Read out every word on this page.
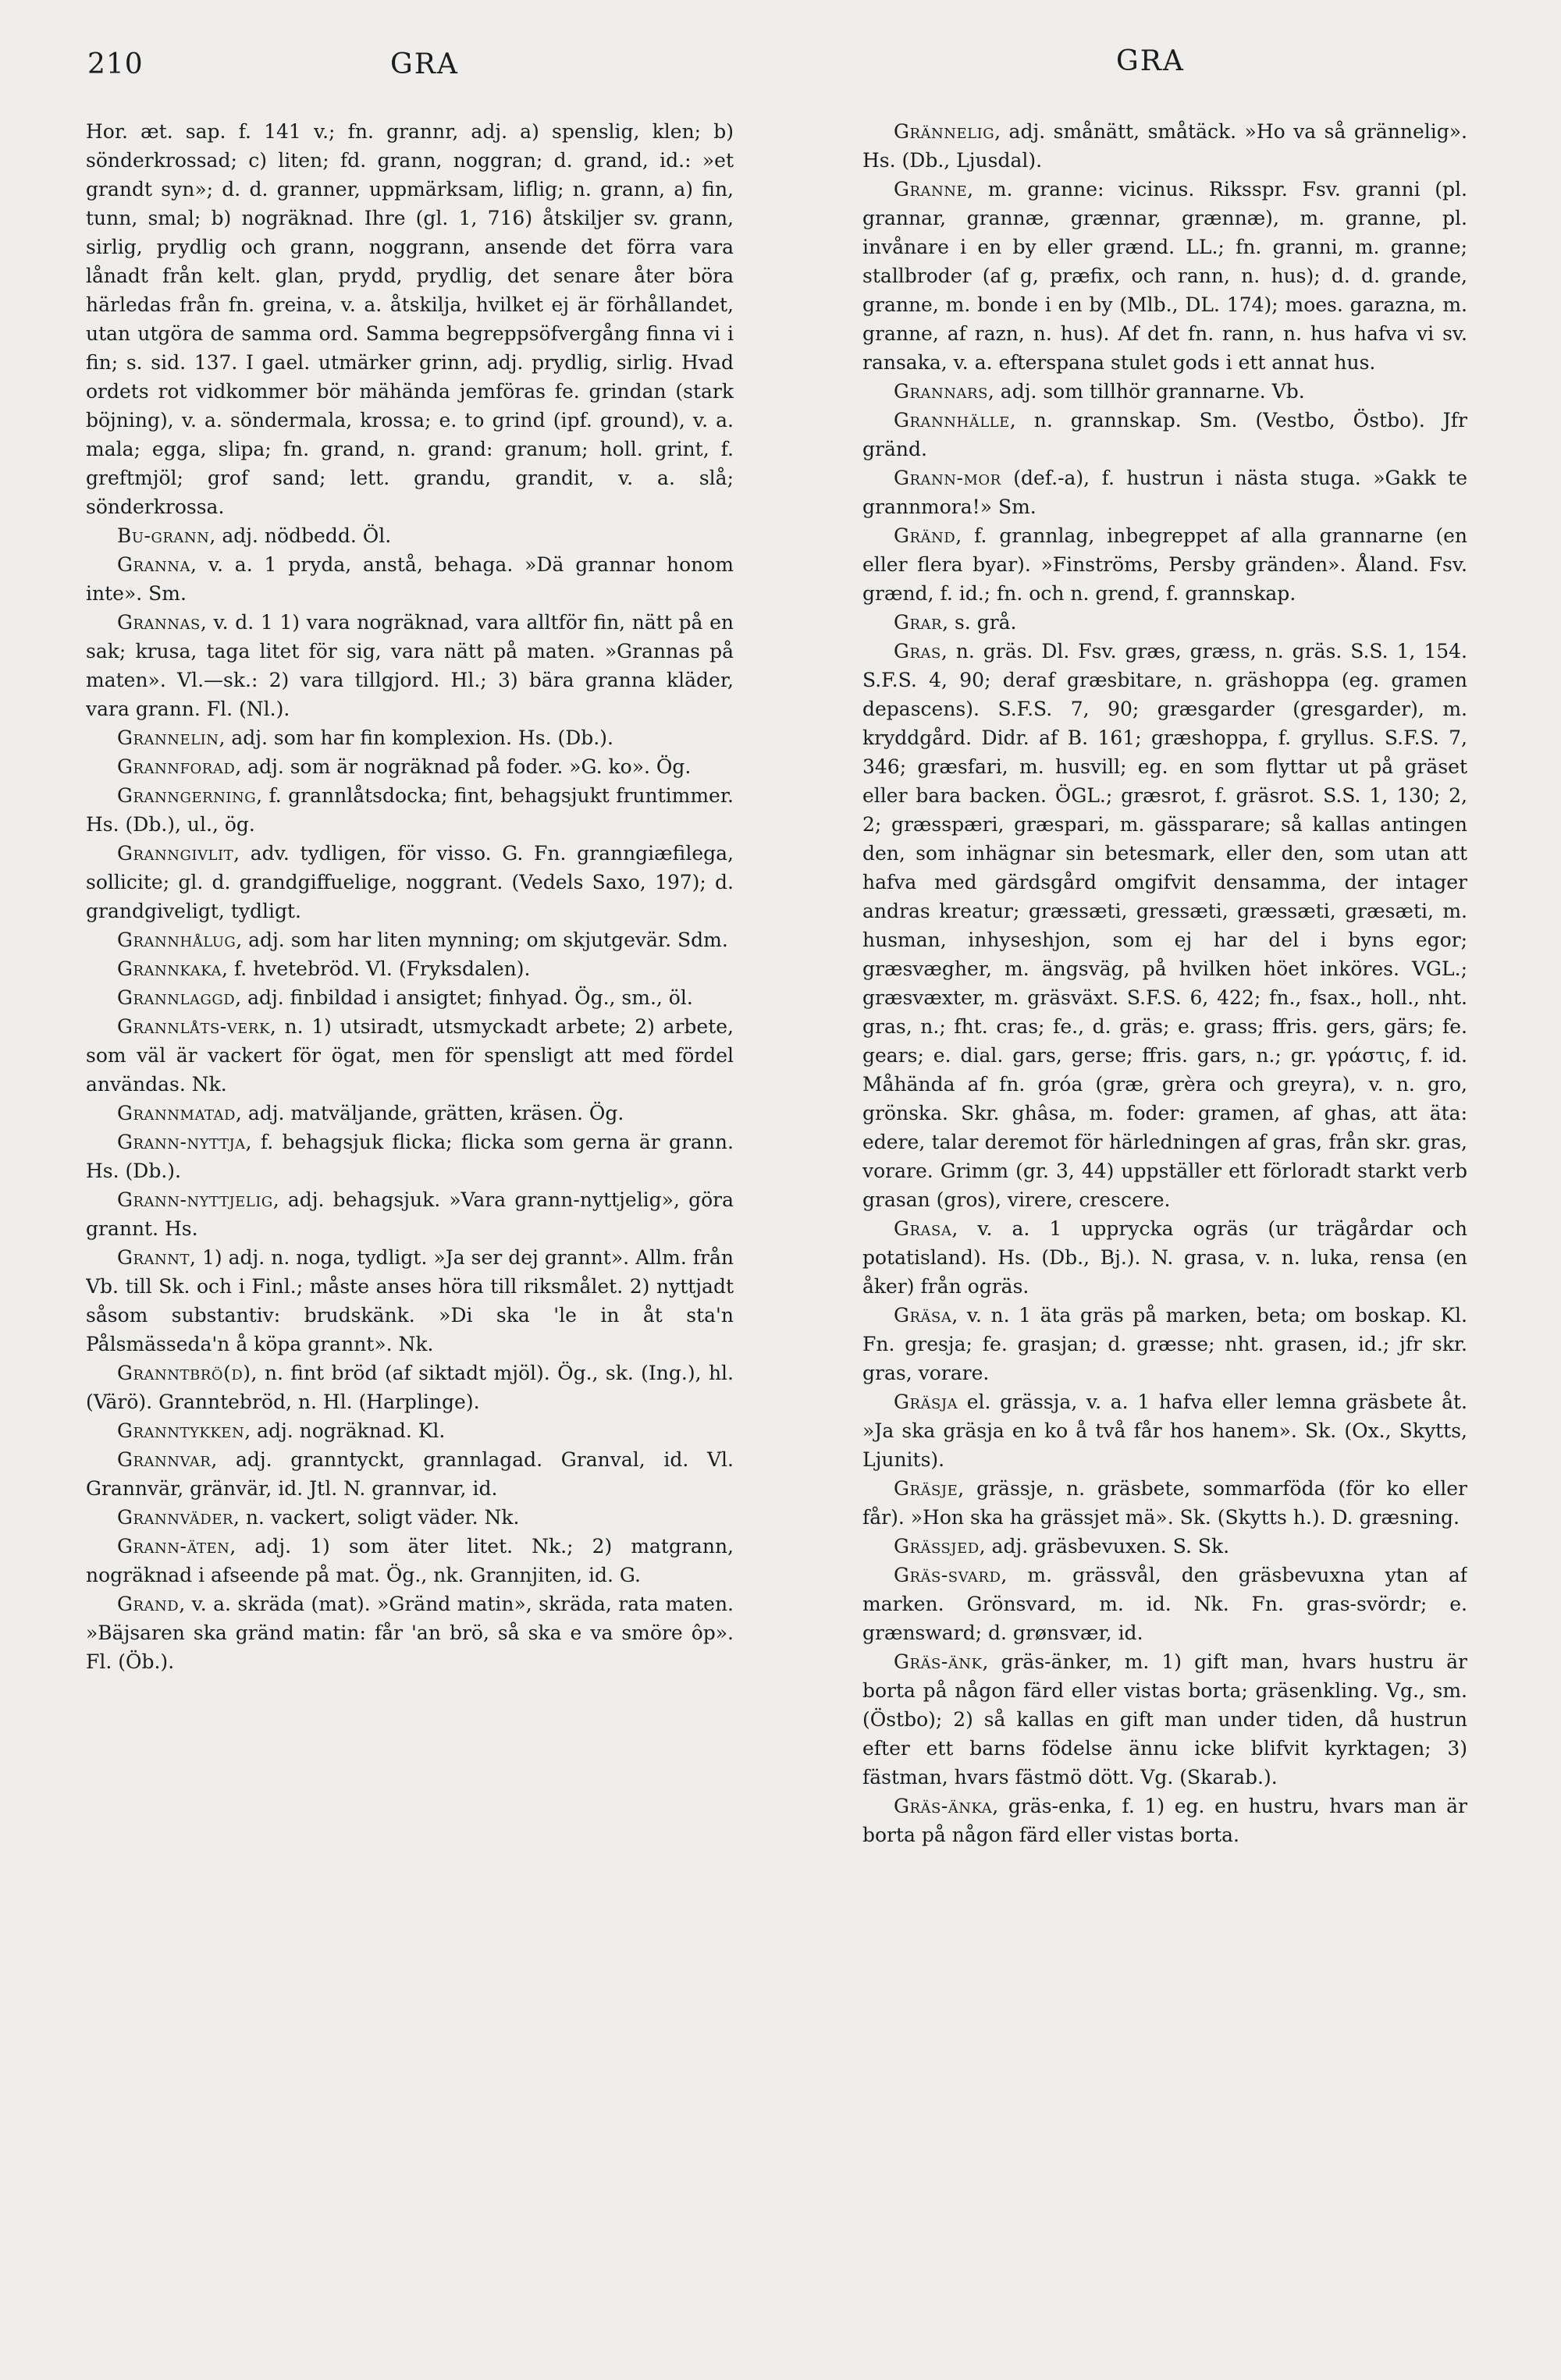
210	GRA	GRA

Hor. æt. sap. f. 141 v.; fn. grannr, adj. a) spenslig, klen; b) sönderkrossad; c) liten; fd. grann, noggran; d. grand, id.: »et grandt syn»; d. d. granner, uppmärksam, liflig; n. grann, a) fin, tunn, smal; b) nogräknad. Ihre (gl. 1, 716) åtskiljer sv. grann, sirlig, prydlig och grann, noggrann, ansende det förra vara lånadt från kelt. glan, prydd, prydlig, det senare åter böra härledas från fn. greina, v. a. åtskilja, hvilket ej är förhållandet, utan utgöra de samma ord. Samma begreppsöfvergång finna vi i fin; s. sid. 137. I gael. utmärker grinn, adj. prydlig, sirlig. Hvad ordets rot vidkommer bör mähända jemföras fe. grindan (stark böjning), v. a. söndermala, krossa; e. to grind (ipf. ground), v. a. mala; egga, slipa; fn. grand, n. grand: granum; holl. grint, f. greftmjöl; grof sand; lett. grandu, grandit, v. a. slå; sönderkrossa.

Bu-grann, adj. nödbedd. Öl.

Granna, v. a. 1 pryda, anstå, behaga. »Dä grannar honom inte». Sm.

Grannas, v. d. 1 1) vara nogräknad, vara alltför fin, nätt på en sak; krusa, taga litet för sig, vara nätt på maten. »Grannas på maten». Vl.—sk.: 2) vara tillgjord. Hl.; 3) bära granna kläder, vara grann. Fl. (Nl.).

Grannelin, adj. som har fin komplexion. Hs. (Db.).

Grannforad, adj. som är nogräknad på foder. »G. ko». Ög.

Granngerning, f. grannlåtsdocka; fint, behagsjukt fruntimmer. Hs. (Db.), ul., ög.

Granngivlit, adv. tydligen, för visso. G. Fn. granngiæfilega, sollicite; gl. d. grandgiffuelige, noggrant. (Vedels Saxo, 197); d. grandgiveligt, tydligt.

Grannhålug, adj. som har liten mynning; om skjutgevär. Sdm.

Grannkaka, f. hvetebröd. Vl. (Fryksdalen).

Grannlaggd, adj. finbildad i ansigtet; finhyad. Ög., sm., öl.

Grannlåts-verk, n. 1) utsiradt, utsmyckadt arbete; 2) arbete, som väl är vackert för ögat, men för spensligt att med fördel användas. Nk.

Grannmatad, adj. matväljande, grätten, kräsen. Ög.

Grann-nyttja, f. behagsjuk flicka; flicka som gerna är grann. Hs. (Db.).

Grann-nyttjelig, adj. behagsjuk. »Vara grann-nyttjelig», göra grannt. Hs.

Grannt, 1) adj. n. noga, tydligt. »Ja ser dej grannt». Allm. från Vb. till Sk. och i Finl.; måste anses höra till riksmålet. 2) nyttjadt såsom substantiv: brudskänk. »Di ska 'le in åt sta'n Pålsmässeda'n å köpa grannt». Nk.

Granntbrö(d), n. fint bröd (af siktadt mjöl). Ög., sk. (Ing.), hl. (Värö). Granntebröd, n. Hl. (Harplinge).

Granntykken, adj. nogräknad. Kl.

Grannvar, adj. granntyckt, grannlagad. Granval, id. Vl. Grannvär, gränvär, id. Jtl. N. grannvar, id.

Grannväder, n. vackert, soligt väder. Nk.

Grann-äten, adj. 1) som äter litet. Nk.; 2) matgrann, nogräknad i afseende på mat. Ög., nk. Grannjiten, id. G.

Grand, v. a. skräda (mat). »Gränd matin», skräda, rata maten. »Bäjsaren ska gränd matin: får 'an brö, så ska e va smöre ôp». Fl. (Öb.).

Grännelig, adj. smånätt, småtäck. »Ho va så grännelig». Hs. (Db., Ljusdal).

Granne, m. granne: vicinus. Riksspr. Fsv. granni (pl. grannar, grannæ, grænnar, grænnæ), m. granne, pl. invånare i en by eller grænd. LL.; fn. granni, m. granne; stallbroder (af g, præfix, och rann, n. hus); d. d. grande, granne, m. bonde i en by (Mlb., DL. 174); moes. garazna, m. granne, af razn, n. hus). Af det fn. rann, n. hus hafva vi sv. ransaka, v. a. efterspana stulet gods i ett annat hus.

Grannars, adj. som tillhör grannarne. Vb.

Grannhälle, n. grannskap. Sm. (Vestbo, Östbo). Jfr gränd.

Grann-mor (def.-a), f. hustrun i nästa stuga. »Gakk te grannmora!» Sm.

Gränd, f. grannlag, inbegreppet af alla grannarne (en eller flera byar). »Finströms, Persby gränden». Åland. Fsv. grænd, f. id.; fn. och n. grend, f. grannskap.

Grar, s. grå.

Gras, n. gräs. Dl. Fsv. græs, græss, n. gräs. S.S. 1, 154. S.F.S. 4, 90; deraf græsbitare, n. gräshoppa (eg. gramen depascens). S.F.S. 7, 90; græsgarder (gresgarder), m. kryddgård. Didr. af B. 161; græshoppa, f. gryllus. S.F.S. 7, 346; græsfari, m. husvill; eg. en som flyttar ut på gräset eller bara backen. ÖGL.; græsrot, f. gräsrot. S.S. 1, 130; 2, 2; græsspæri, græspari, m. gässparare; så kallas antingen den, som inhägnar sin betesmark, eller den, som utan att hafva med gärdsgård omgifvit densamma, der intager andras kreatur; græssæti, gressæti, græssæti, græsæti, m. husman, inhyseshjon, som ej har del i byns egor; græsvægher, m. ängsväg, på hvilken höet inköres. VGL.; græsvæxter, m. gräsväxt. S.F.S. 6, 422; fn., fsax., holl., nht. gras, n.; fht. cras; fe., d. gräs; e. grass; ffris. gers, gärs; fe. gears; e. dial. gars, gerse; ffris. gars, n.; gr. γράστις, f. id. Måhända af fn. gróa (græ, grèra och greyra), v. n. gro, grönska. Skr. ghâsa, m. foder: gramen, af ghas, att äta: edere, talar deremot för härledningen af gras, från skr. gras, vorare. Grimm (gr. 3, 44) uppställer ett förloradt starkt verb grasan (gros), virere, crescere.

Grasa, v. a. 1 upprycka ogräs (ur trägårdar och potatisland). Hs. (Db., Bj.). N. grasa, v. n. luka, rensa (en åker) från ogräs.

Gräsa, v. n. 1 äta gräs på marken, beta; om boskap. Kl. Fn. gresja; fe. grasjan; d. græsse; nht. grasen, id.; jfr skr. gras, vorare.

Gräsja el. grässja, v. a. 1 hafva eller lemna gräsbete åt. »Ja ska gräsja en ko å två får hos hanem». Sk. (Ox., Skytts, Ljunits).

Gräsje, grässje, n. gräsbete, sommarföda (för ko eller får). »Hon ska ha grässjet mä». Sk. (Skytts h.). D. græsning.

Grässjed, adj. gräsbevuxen. S. Sk.

Gräs-svard, m. grässvål, den gräsbevuxna ytan af marken. Grönsvard, m. id. Nk. Fn. gras-svördr; e. grænsward; d. grønsvær, id.

Gräs-änk, gräs-änker, m. 1) gift man, hvars hustru är borta på någon färd eller vistas borta; gräsenkling. Vg., sm. (Östbo); 2) så kallas en gift man under tiden, då hustrun efter ett barns födelse ännu icke blifvit kyrktagen; 3) fästman, hvars fästmö dött. Vg. (Skarab.).

Gräs-änka, gräs-enka, f. 1) eg. en hustru, hvars man är borta på någon färd eller vistas borta.
